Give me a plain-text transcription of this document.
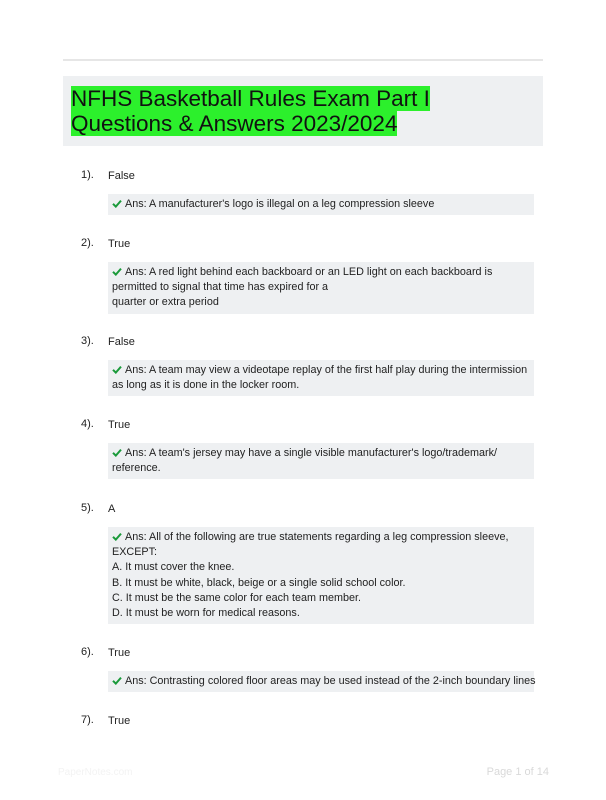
NFHS Basketball Rules Exam Part I Questions & Answers 2023/2024
1). False
Ans: A manufacturer's logo is illegal on a leg compression sleeve
2). True
Ans: A red light behind each backboard or an LED light on each backboard is
permitted to signal that time has expired for a
quarter or extra period
3). False
Ans: A team may view a videotape replay of the first half play during the intermission
as long as it is done in the locker room.
4). True
Ans: A team's jersey may have a single visible manufacturer's logo/trademark/
reference.
5). A
Ans: All of the following are true statements regarding a leg compression sleeve,
EXCEPT:
A. It must cover the knee.
B. It must be white, black, beige or a single solid school color.
C. It must be the same color for each team member.
D. It must be worn for medical reasons.
6). True
Ans: Contrasting colored floor areas may be used instead of the 2-inch boundary lines
7). True
PaperNotes.com	Page 1 of 14
